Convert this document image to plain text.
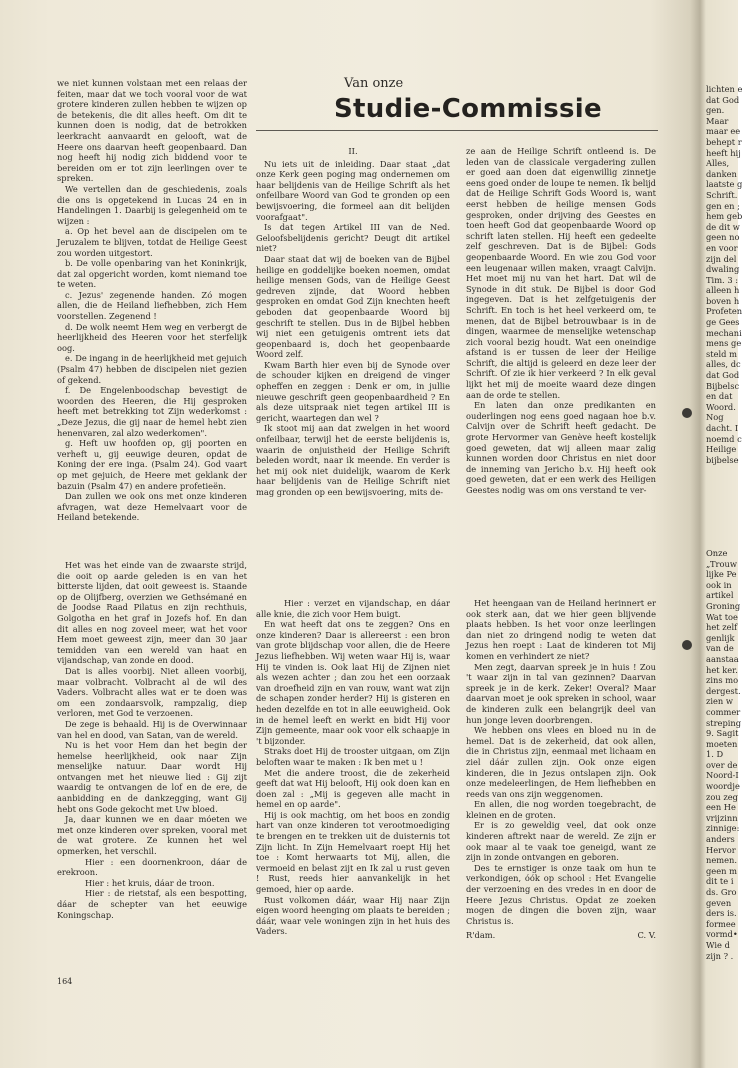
we niet kunnen volstaan met een relaas der feiten, maar dat we toch vooral voor de wat grotere kinderen zullen hebben te wijzen op de betekenis, die dit alles heeft. Om dit te kunnen doen is nodig, dat de betrokken leerkracht aanvaardt en gelooft, wat de Heere ons daarvan heeft geopenbaard. Dan nog heeft hij nodig zich biddend voor te bereiden om er tot zijn leerlingen over te spreken.

We vertellen dan de geschiedenis, zoals die ons is opgetekend in Lucas 24 en in Handelingen 1. Daarbij is gelegenheid om te wijzen :

a. Op het bevel aan de discipelen om te Jeruzalem te blijven, totdat de Heilige Geest zou worden uitgestort.

b. De volle openbaring van het Koninkrijk, dat zal opgericht worden, komt niemand toe te weten.

c. Jezus' zegenende handen. Zó mogen allen, die de Heiland liefhebben, zich Hem voorstellen. Zegenend !

d. De wolk neemt Hem weg en verbergt de heerlijkheid des Heeren voor het sterfelijk oog.

e. De ingang in de heerlijkheid met gejuich (Psalm 47) hebben de discipelen niet gezien of gekend.

f. De Engelenboodschap bevestigt de woorden des Heeren, die Hij gesproken heeft met betrekking tot Zijn wederkomst : „Deze Jezus, die gij naar de hemel hebt zien henenvaren, zal alzo wederkomen".

g. Heft uw hoofden op, gij poorten en verheft u, gij eeuwige deuren, opdat de Koning der ere inga. (Psalm 24). God vaart op met gejuich, de Heere met geklank der bazuin (Psalm 47) en andere profetieën.

Dan zullen we ook ons met onze kinderen afvragen, wat deze Hemelvaart voor de Heiland betekende.

Het was het einde van de zwaarste strijd, die ooit op aarde geleden is en van het bitterste lijden, dat ooit geweest is. Staande op de Olijfberg, overzien we Gethsémané en de Joodse Raad Pilatus en zijn rechthuis, Golgotha en het graf in Jozefs hof. En dan dit alles en nog zoveel meer, wat het voor Hem moet geweest zijn, meer dan 30 jaar temidden van een wereld van haat en vijandschap, van zonde en dood.

Dat is alles voorbij. Niet alleen voorbij, maar volbracht. Volbracht al de wil des Vaders. Volbracht alles wat er te doen was om een zondaarsvolk, rampzalig, diep verloren, met God te verzoenen.

De zege is behaald. Hij is de Overwinnaar van hel en dood, van Satan, van de wereld.

Nu is het voor Hem dan het begin der hemelse heerlijkheid, ook naar Zijn menselijke natuur. Daar wordt Hij ontvangen met het nieuwe lied : Gij zijt waardig te ontvangen de lof en de ere, de aanbidding en de dankzegging, want Gij hebt ons Gode gekocht met Uw bloed.

Ja, daar kunnen we en daar móeten we met onze kinderen over spreken, vooral met de wat grotere. Ze kunnen het wel opmerken, het verschil.

Hier : een doornenkroon, dáar de erekroon.

Hier : het kruis, dáar de troon.

Hier : de rietstaf, als een bespotting, dáar de schepter van het eeuwige Koningschap.

Van onze
Studie-Commissie

II.

Nu iets uit de inleiding. Daar staat „dat onze Kerk geen poging mag ondernemen om haar belijdenis van de Heilige Schrift als het onfeilbare Woord van God te gronden op een bewijsvoering, die formeel aan dit belijden voorafgaat".

Is dat tegen Artikel III van de Ned. Geloofsbelijdenis gericht? Deugt dit artikel niet?

Daar staat dat wij de boeken van de Bijbel heilige en goddelijke boeken noemen, omdat heilige mensen Gods, van de Heilige Geest gedreven zijnde, dat Woord hebben gesproken en omdat God Zijn knechten heeft geboden dat geopenbaarde Woord bij geschrift te stellen. Dus in de Bijbel hebben wij niet een getuigenis omtrent iets dat geopenbaard is, doch het geopenbaarde Woord zelf.

Kwam Barth hier even bij de Synode over de schouder kijken en dreigend de vinger opheffen en zeggen : Denk er om, in jullie nieuwe geschrift geen geopenbaardheid ? En als deze uitspraak niet tegen artikel III is gericht, waartegen dan wel ?

Ik stoot mij aan dat zwelgen in het woord onfeilbaar, terwijl het de eerste belijdenis is, waarin de onjuistheid der Heilige Schrift beleden wordt, naar ik meende. En verder is het mij ook niet duidelijk, waarom de Kerk haar belijdenis van de Heilige Schrift niet mag gronden op een bewijsvoering, mits de-

ze aan de Heilige Schrift ontleend is. De leden van de classicale vergadering zullen er goed aan doen dat eigenwillig zinnetje eens goed onder de loupe te nemen. Ik belijd dat de Heilige Schrift Gods Woord is, want eerst hebben de heilige mensen Gods gesproken, onder drijving des Geestes en toen heeft God dat geopenbaarde Woord op schrift laten stellen. Hij heeft een gedeelte zelf geschreven. Dat is de Bijbel: Gods geopenbaarde Woord. En wie zou God voor een leugenaar willen maken, vraagt Calvijn. Het moet mij nu van het hart. Dat wil de Synode in dit stuk. De Bijbel is door God ingegeven. Dat is het zelfgetuigenis der Schrift. En toch is het heel verkeerd om, te menen, dat de Bijbel betrouwbaar is in de dingen, waarmee de menselijke wetenschap zich vooral bezig houdt. Wat een oneindige afstand is er tussen de leer der Heilige Schrift, die altijd is geleerd en deze leer der Schrift. Of zie ik hier verkeerd ? In elk geval lijkt het mij de moeite waard deze dingen aan de orde te stellen.

En laten dan onze predikanten en ouderlingen nog eens goed nagaan hoe b.v. Calvijn over de Schrift heeft gedacht. De grote Hervormer van Genève heeft kostelijk goed geweten, dat wij alleen maar zalig kunnen worden door Christus en niet door de inneming van Jericho b.v. Hij heeft ook goed geweten, dat er een werk des Heiligen Geestes nodig was om ons verstand te ver-

Hier : verzet en vijandschap, en dáar alle knie, die zich voor Hem buigt.

En wat heeft dat ons te zeggen? Ons en onze kinderen? Daar is allereerst : een bron van grote blijdschap voor allen, die de Heere Jezus liefhebben. Wij weten waar Hij is, waar Hij te vinden is. Ook laat Hij de Zijnen niet als wezen achter ; dan zou het een oorzaak van droefheid zijn en van rouw, want wat zijn de schapen zonder herder? Hij is gisteren en heden dezelfde en tot in alle eeuwigheid. Ook in de hemel leeft en werkt en bidt Hij voor Zijn gemeente, maar ook voor elk schaapje in 't bijzonder.

Straks doet Hij de trooster uitgaan, om Zijn beloften waar te maken : Ik ben met u !

Met die andere troost, die de zekerheid geeft dat wat Hij belooft, Hij ook doen kan en doen zal : „Mij is gegeven alle macht in hemel en op aarde".

Hij is ook machtig, om het boos en zondig hart van onze kinderen tot verootmoediging te brengen en te trekken uit de duisternis tot Zijn licht. In Zijn Hemelvaart roept Hij het toe : Komt herwaarts tot Mij, allen, die vermoeid en belast zijt en Ik zal u rust geven ! Rust, reeds hier aanvankelijk in het gemoed, hier op aarde.

Rust volkomen dáár, waar Hij naar Zijn eigen woord heenging om plaats te bereiden ; dáár, waar vele woningen zijn in het huis des Vaders.

Het heengaan van de Heiland herinnert er ook sterk aan, dat we hier geen blijvende plaats hebben. Is het voor onze leerlingen dan niet zo dringend nodig te weten dat Jezus hen roept : Laat de kinderen tot Mij komen en verhindert ze niet?

Men zegt, daarvan spreek je in huis ! Zou 't waar zijn in tal van gezinnen? Daarvan spreek je in de kerk. Zeker! Overal? Maar daarvan moet je ook spreken in school, waar de kinderen zulk een belangrijk deel van hun jonge leven doorbrengen.

We hebben ons vlees en bloed nu in de hemel. Dat is de zekerheid, dat ook allen, die in Christus zijn, eenmaal met lichaam en ziel dáár zullen zijn. Ook onze eigen kinderen, die in Jezus ontslapen zijn. Ook onze medeleerlingen, de Hem liefhebben en reeds van ons zijn weggenomen.

En allen, die nog worden toegebracht, de kleinen en de groten.

Er is zo geweldig veel, dat ook onze kinderen aftrekt naar de wereld. Ze zijn er ook maar al te vaak toe geneigd, want ze zijn in zonde ontvangen en geboren.

Des te ernstiger is onze taak om hun te verkondigen, óók op school : Het Evangelie der verzoening en des vredes in en door de Heere Jezus Christus. Opdat ze zoeken mogen de dingen die boven zijn, waar Christus is.

R'dam.	C. V.

164
lichten e
dat God
gen.
Maar
maar ee
behept r
heeft hij
Alles,
danken
laatste g
Schrift.
gen en ;
hem geb
de dit w
geen no
en voor
zijn del
dwaling
Tim. 3 :
alleen h
boven h
Profeten
ge Gees
mechani
mens ge
steld m
alles, dc
dat God
Bijbelsc
en dat
Woord.
Nog
dacht. I
noemd c
Heilige
bijbelse
Onze
„Trouw
lijke Pe
ook in
artikel
Groning
Wat toe
het zelf
genlijk
van de
aanstaa
het ker.
zins mo
dergest.
zien w
commer
streping
9. Sagit
moeten
1. D
over de
Noord-I
woordje
zou zeg
een He
vrijzinn
zinnige:
anders
Hervor
nemen.
geen m
dit te i
ds. Gro
geven
ders is.
formee
vormd•
Wie d
zijn ? .
